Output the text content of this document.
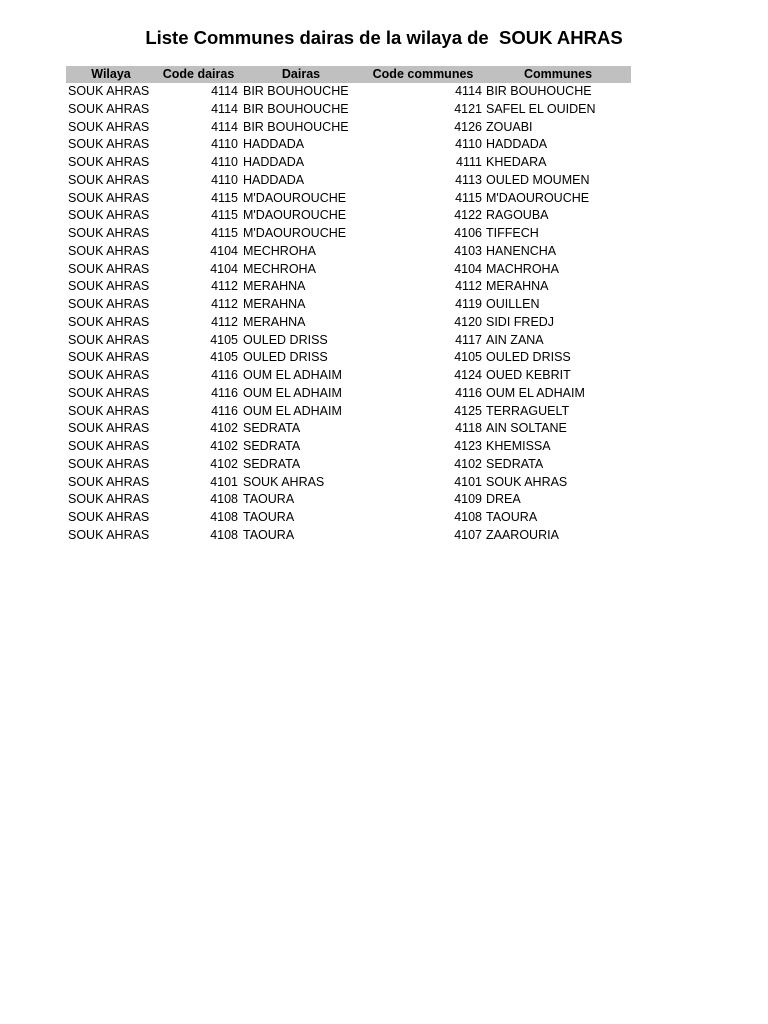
Liste Communes dairas de la wilaya de  SOUK AHRAS
Wilaya	Code dairas	Dairas	Code communes	Communes
SOUK AHRAS	4114 BIR BOUHOUCHE	4114 BIR BOUHOUCHE
SOUK AHRAS	4114 BIR BOUHOUCHE	4121 SAFEL EL OUIDEN
SOUK AHRAS	4114 BIR BOUHOUCHE	4126 ZOUABI
SOUK AHRAS	4110 HADDADA	4110 HADDADA
SOUK AHRAS	4110 HADDADA	4111 KHEDARA
SOUK AHRAS	4110 HADDADA	4113 OULED MOUMEN
SOUK AHRAS	4115 M'DAOUROUCHE	4115 M'DAOUROUCHE
SOUK AHRAS	4115 M'DAOUROUCHE	4122 RAGOUBA
SOUK AHRAS	4115 M'DAOUROUCHE	4106 TIFFECH
SOUK AHRAS	4104 MECHROHA	4103 HANENCHA
SOUK AHRAS	4104 MECHROHA	4104 MACHROHA
SOUK AHRAS	4112 MERAHNA	4112 MERAHNA
SOUK AHRAS	4112 MERAHNA	4119 OUILLEN
SOUK AHRAS	4112 MERAHNA	4120 SIDI FREDJ
SOUK AHRAS	4105 OULED DRISS	4117 AIN ZANA
SOUK AHRAS	4105 OULED DRISS	4105 OULED DRISS
SOUK AHRAS	4116 OUM EL ADHAIM	4124 OUED KEBRIT
SOUK AHRAS	4116 OUM EL ADHAIM	4116 OUM EL ADHAIM
SOUK AHRAS	4116 OUM EL ADHAIM	4125 TERRAGUELT
SOUK AHRAS	4102 SEDRATA	4118 AIN SOLTANE
SOUK AHRAS	4102 SEDRATA	4123 KHEMISSA
SOUK AHRAS	4102 SEDRATA	4102 SEDRATA
SOUK AHRAS	4101 SOUK AHRAS	4101 SOUK AHRAS
SOUK AHRAS	4108 TAOURA	4109 DREA
SOUK AHRAS	4108 TAOURA	4108 TAOURA
SOUK AHRAS	4108 TAOURA	4107 ZAAROURIA
